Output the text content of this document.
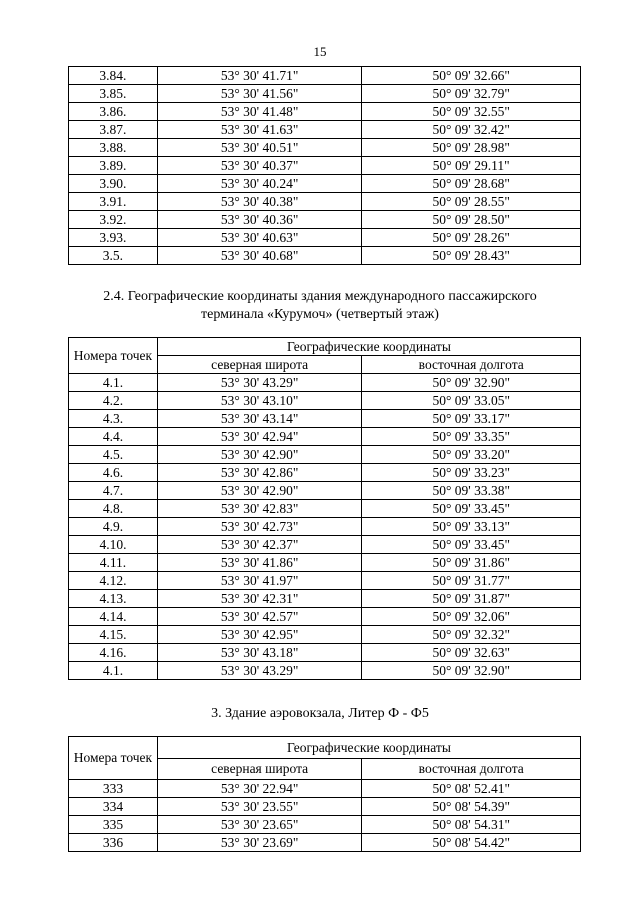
15
3.84.	53° 30' 41.71"	50° 09' 32.66"
3.85.	53° 30' 41.56"	50° 09' 32.79"
3.86.	53° 30' 41.48"	50° 09' 32.55"
3.87.	53° 30' 41.63"	50° 09' 32.42"
3.88.	53° 30' 40.51"	50° 09' 28.98"
3.89.	53° 30' 40.37"	50° 09' 29.11"
3.90.	53° 30' 40.24"	50° 09' 28.68"
3.91.	53° 30' 40.38"	50° 09' 28.55"
3.92.	53° 30' 40.36"	50° 09' 28.50"
3.93.	53° 30' 40.63"	50° 09' 28.26"
3.5.	53° 30' 40.68"	50° 09' 28.43"
2.4. Географические координаты здания международного пассажирского
терминала «Курумоч» (четвертый этаж)
Номера точек	Географические координаты	
	северная широта	восточная долгота
4.1.	53° 30' 43.29"	50° 09' 32.90"
4.2.	53° 30' 43.10"	50° 09' 33.05"
4.3.	53° 30' 43.14"	50° 09' 33.17"
4.4.	53° 30' 42.94"	50° 09' 33.35"
4.5.	53° 30' 42.90"	50° 09' 33.20"
4.6.	53° 30' 42.86"	50° 09' 33.23"
4.7.	53° 30' 42.90"	50° 09' 33.38"
4.8.	53° 30' 42.83"	50° 09' 33.45"
4.9.	53° 30' 42.73"	50° 09' 33.13"
4.10.	53° 30' 42.37"	50° 09' 33.45"
4.11.	53° 30' 41.86"	50° 09' 31.86"
4.12.	53° 30' 41.97"	50° 09' 31.77"
4.13.	53° 30' 42.31"	50° 09' 31.87"
4.14.	53° 30' 42.57"	50° 09' 32.06"
4.15.	53° 30' 42.95"	50° 09' 32.32"
4.16.	53° 30' 43.18"	50° 09' 32.63"
4.1.	53° 30' 43.29"	50° 09' 32.90"
3. Здание аэровокзала, Литер Ф - Ф5
Номера точек	Географические координаты	
	северная широта	восточная долгота
333	53° 30' 22.94"	50° 08' 52.41"
334	53° 30' 23.55"	50° 08' 54.39"
335	53° 30' 23.65"	50° 08' 54.31"
336	53° 30' 23.69"	50° 08' 54.42"
